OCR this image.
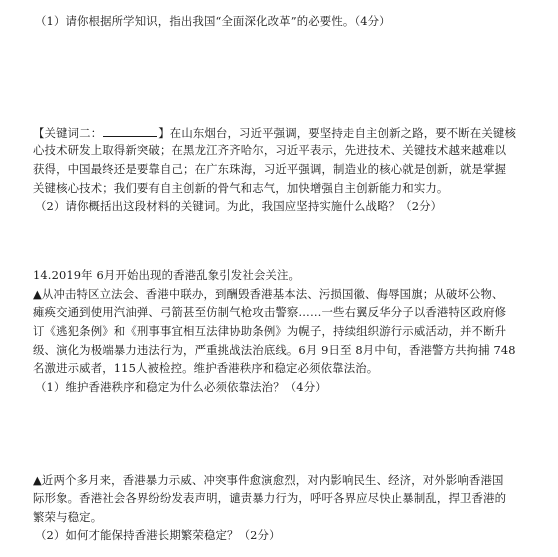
（1）请你根据所学知识，指出我国“全面深化改革”的必要性。（4分）
【关键词二：	】在山东烟台，习近平强调，要坚持走自主创新之路，要不断在关键核
心技术研发上取得新突破；在黑龙江齐齐哈尔，习近平表示，先进技术、关键技术越来越难以
获得，中国最终还是要靠自己；在广东珠海，习近平强调，制造业的核心就是创新，就是掌握
关键核心技术；我们要有自主创新的骨气和志气，加快增强自主创新能力和实力。
（2）请你概括出这段材料的关键词。为此，我国应坚持实施什么战略？（2分）
14.2019年 6月开始出现的香港乱象引发社会关注。
▲从冲击特区立法会、香港中联办，到酬毁香港基本法、污损国徽、侮辱国旗；从破坏公物、
瘫痪交通到使用汽油弹、弓箭甚至仿制气枪攻击警察……一些右翼反华分子以香港特区政府修
订《逃犯条例》和《刑事事宜相互法律协助条例》为幌子，持续组织游行示威活动，并不断升
级、演化为极端暴力违法行为，严重挑战法治底线。6月 9日至 8月中旬，香港警方共拘捕 748
名激进示威者，115人被检控。维护香港秩序和稳定必须依靠法治。
（1）维护香港秩序和稳定为什么必须依靠法治？（4分）
▲近两个多月来，香港暴力示威、冲突事件愈演愈烈，对内影响民生、经济，对外影响香港国
际形象。香港社会各界纷纷发表声明，谴责暴力行为，呼吁各界应尽快止暴制乱，捍卫香港的
繁荣与稳定。
（2）如何才能保持香港长期繁荣稳定？（2分）
